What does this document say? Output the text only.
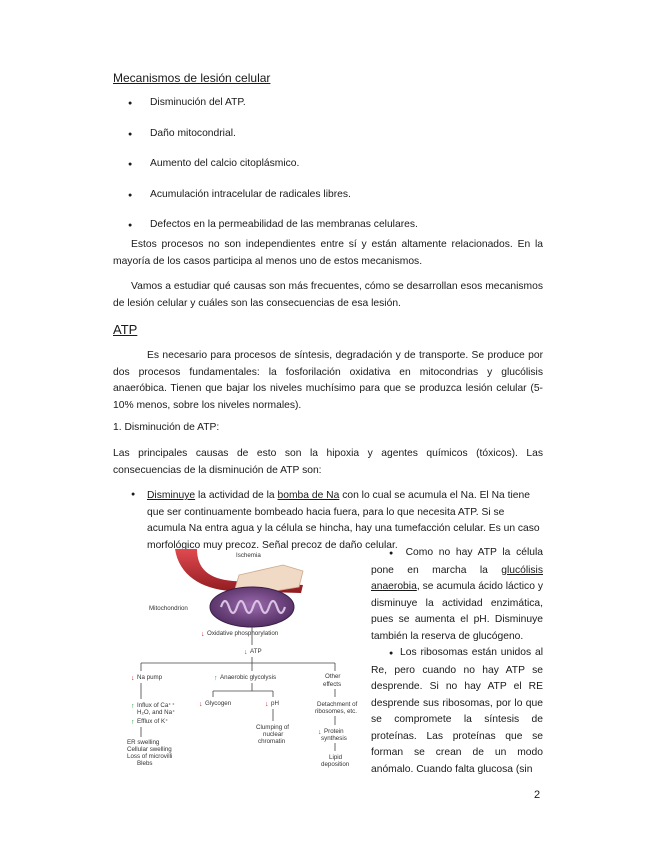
Mecanismos de lesión celular
● Disminución del ATP.
● Daño mitocondrial.
● Aumento del calcio citoplásmico.
● Acumulación intracelular de radicales libres.
● Defectos en la permeabilidad de las membranas celulares.

Estos procesos no son independientes entre sí y están altamente relacionados. En la mayoría de los casos participa al menos uno de estos mecanismos.

Vamos a estudiar qué causas son más frecuentes, cómo se desarrollan esos mecanismos de lesión celular y cuáles son las consecuencias de esa lesión.

ATP

Es necesario para procesos de síntesis, degradación y de transporte. Se produce por dos procesos fundamentales: la fosforilación oxidativa en mitocondrias y glucólisis anaeróbica. Tienen que bajar los niveles muchísimo para que se produzca lesión celular (5-10% menos, sobre los niveles normales).

1. Disminución de ATP:

Las principales causas de esto son la hipoxia y agentes químicos (tóxicos). Las consecuencias de la disminución de ATP son:

● Disminuye la actividad de la bomba de Na con lo cual se acumula el Na. El Na tiene que ser continuamente bombeado hacia fuera, para lo que necesita ATP. Si se acumula Na entra agua y la célula se hincha, hay una tumefacción celular. Es un caso morfológico muy precoz. Señal precoz de daño celular.
Ischemia
Mitochondrion
↓ Oxidative phosphorylation
↓ ATP
↓ Na pump	↑ Anaerobic glycolysis	Other
effects
↑ Influx of Ca⁺⁺
H₂O, and Na⁺
↑ Efflux of K⁺
↓ Glycogen	↓ pH	Detachment of
ribosomes, etc.
ER swelling
Cellular swelling
Loss of microvilli
Blebs
Clumping of
nuclear
chromatin
↓ Protein
synthesis
Lipid
deposition

●  Como no hay ATP la célula pone en marcha la glucólisis anaerobia, se acumula ácido láctico y disminuye la actividad enzimática, pues se aumenta el pH. Disminuye también la reserva de glucógeno.

●  Los ribosomas están unidos al Re, pero cuando no hay ATP se desprende. Si no hay ATP el RE desprende sus ribosomas, por lo que se compromete la síntesis de proteínas. Las proteínas que se forman se crean de un modo anómalo. Cuando falta glucosa (sin

2
